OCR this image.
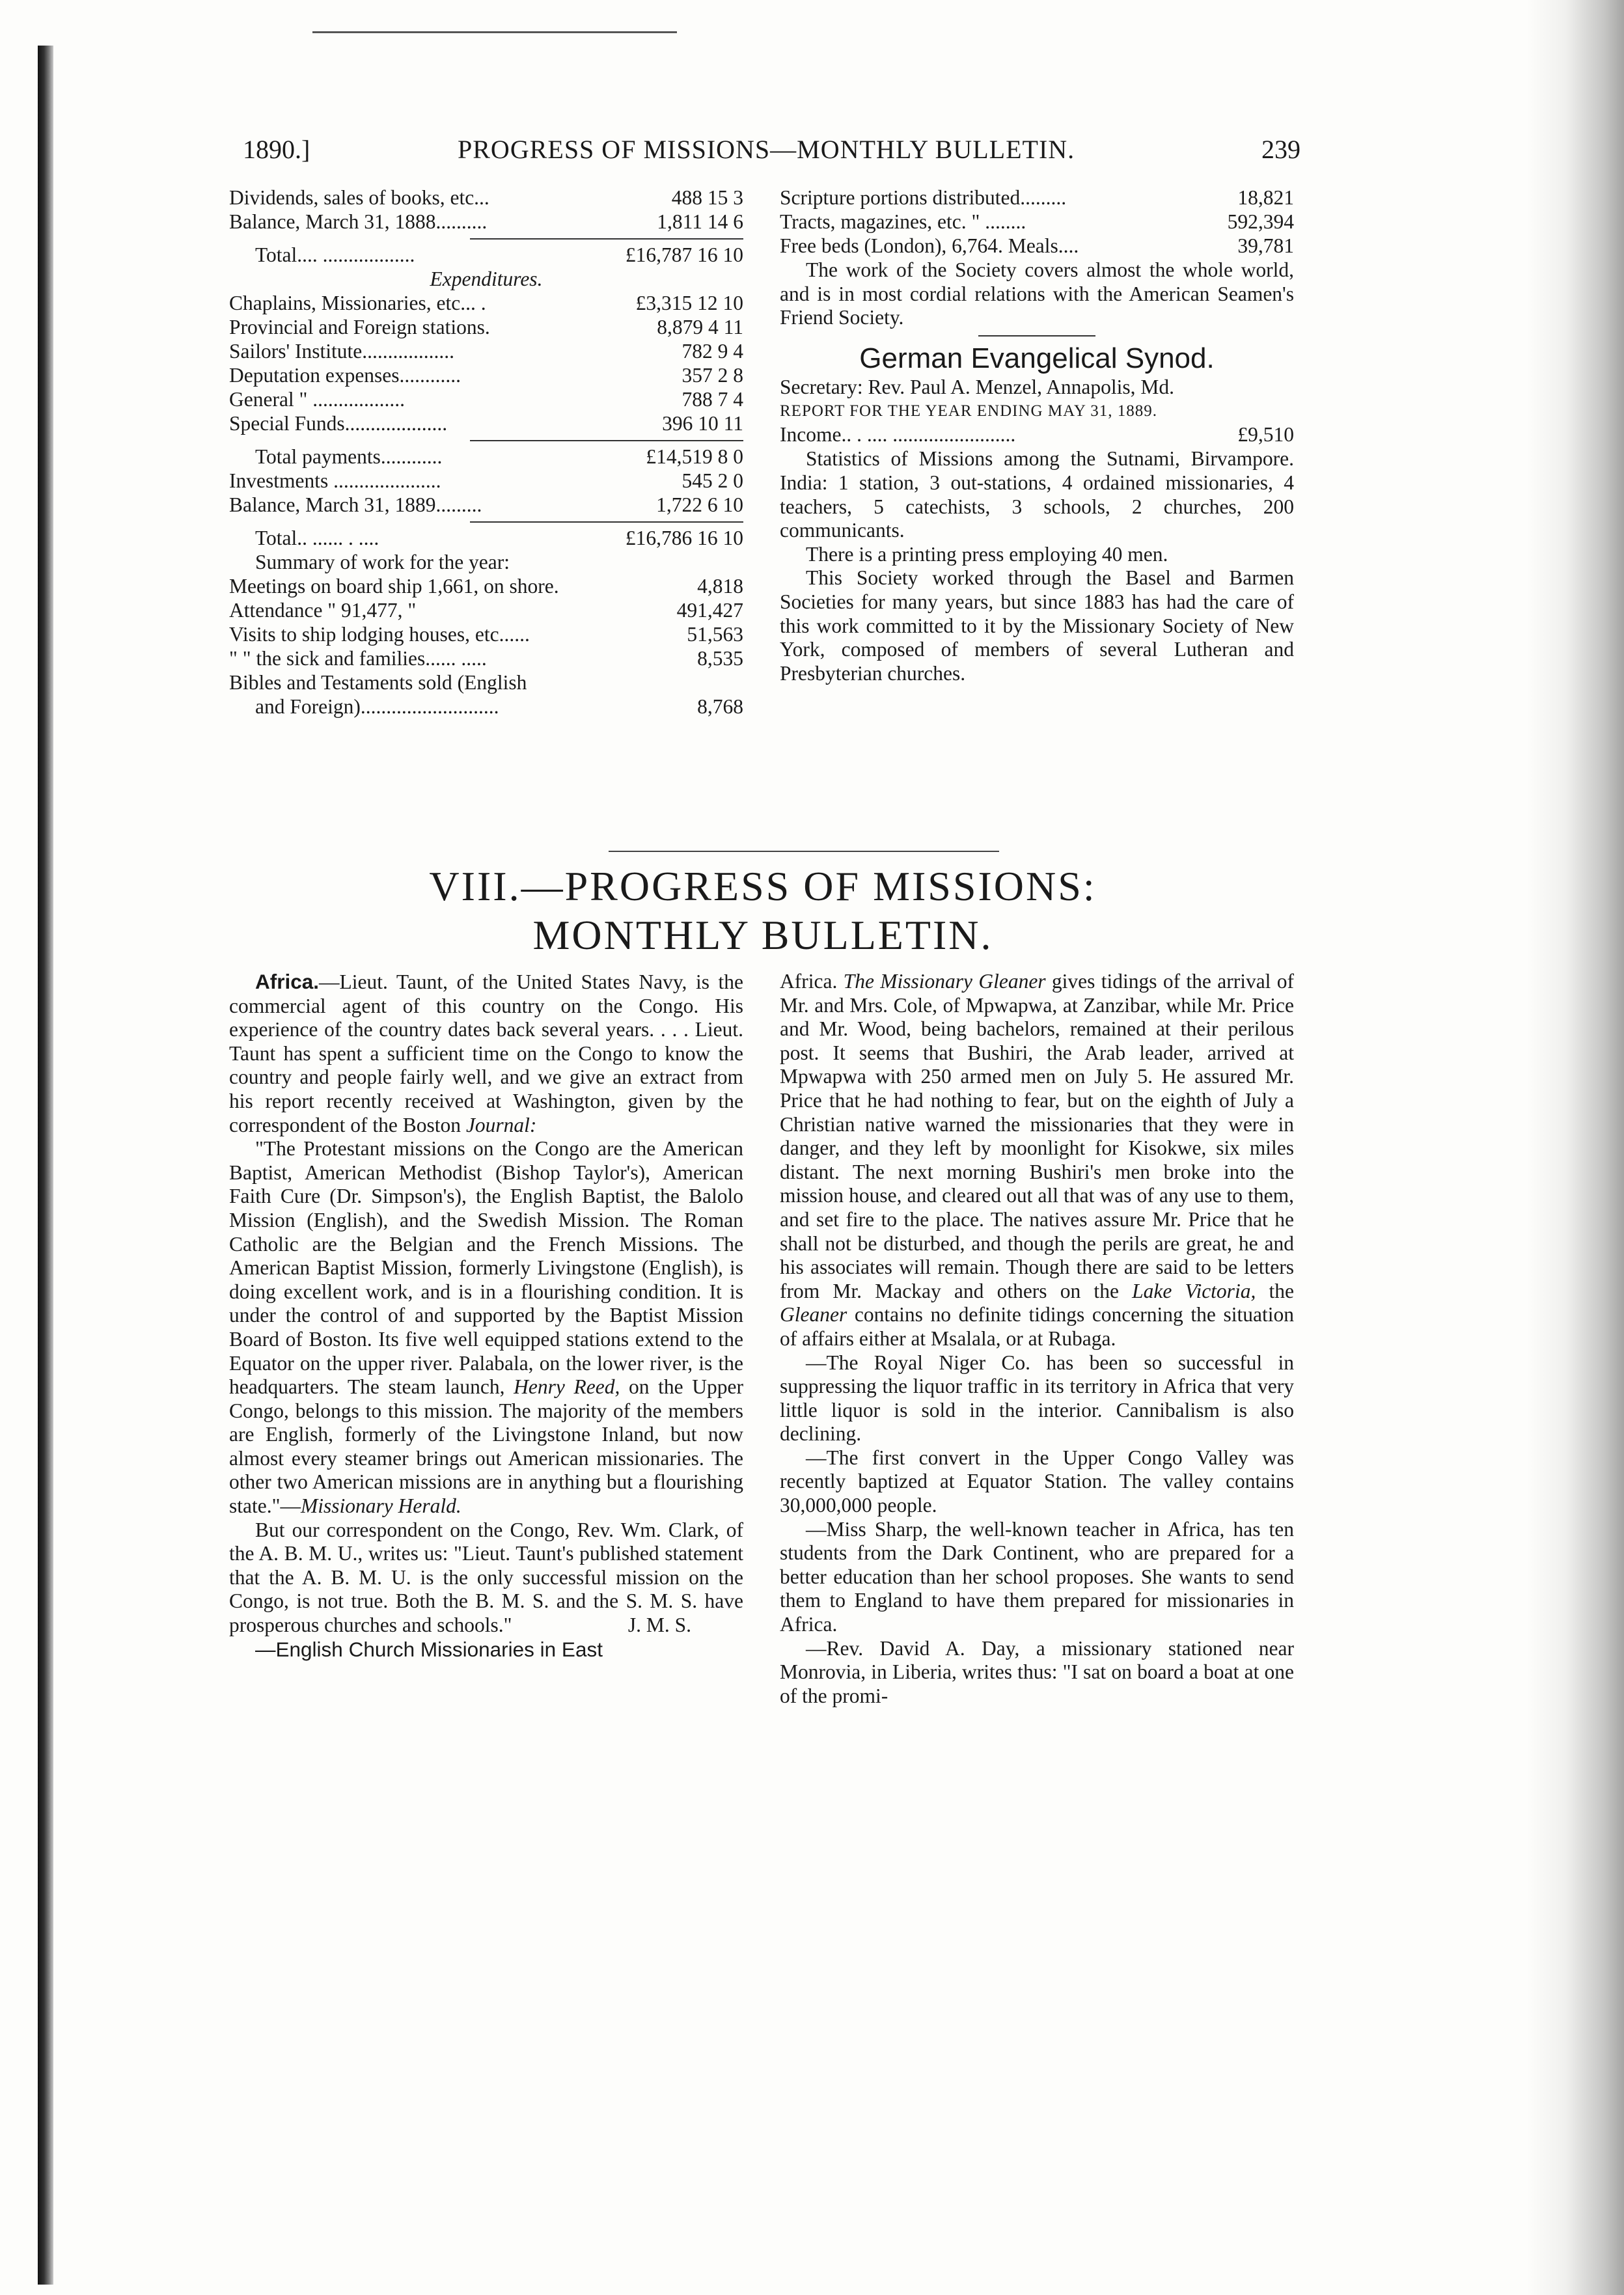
1890.]	PROGRESS OF MISSIONS—MONTHLY BULLETIN.	239
Dividends, sales of books, etc...	488 15 3
Balance, March 31, 1888..........	1,811 14 6
Total.... ..................	£16,787 16 10
Expenditures.
Chaplains, Missionaries, etc... .	£3,315 12 10
Provincial and Foreign stations.	8,879 4 11
Sailors' Institute..................	782 9 4
Deputation expenses............	357 2 8
General " ..................	788 7 4
Special Funds....................	396 10 11
Total payments............	£14,519 8 0
Investments .....................	545 2 0
Balance, March 31, 1889.........	1,722 6 10
Total.. ...... . ....	£16,786 16 10
Summary of work for the year:
Meetings on board ship 1,661, on shore.	4,818
Attendance " 91,477, "	491,427
Visits to ship lodging houses, etc......	51,563
" " the sick and families...... .....	8,535
Bibles and Testaments sold (English
and Foreign)...........................	8,768
Scripture portions distributed.........	18,821
Tracts, magazines, etc. " ........	592,394
Free beds (London), 6,764. Meals....	39,781

The work of the Society covers almost the whole world, and is in most cordial relations with the American Seamen's Friend Society.

German Evangelical Synod.

Secretary: Rev. Paul A. Menzel, Annapolis, Md.

REPORT FOR THE YEAR ENDING MAY 31, 1889.
Income.. . .... ........................	£9,510

Statistics of Missions among the Sutnami, Birvampore. India: 1 station, 3 out-stations, 4 ordained missionaries, 4 teachers, 5 catechists, 3 schools, 2 churches, 200 communicants.

There is a printing press employing 40 men.

This Society worked through the Basel and Barmen Societies for many years, but since 1883 has had the care of this work committed to it by the Missionary Society of New York, composed of members of several Lutheran and Presbyterian churches.

VIII.—PROGRESS OF MISSIONS:
MONTHLY BULLETIN.

Africa.—Lieut. Taunt, of the United States Navy, is the commercial agent of this country on the Congo. His experience of the country dates back several years. . . . Lieut. Taunt has spent a sufficient time on the Congo to know the country and people fairly well, and we give an extract from his report recently received at Washington, given by the correspondent of the Boston Journal:

"The Protestant missions on the Congo are the American Baptist, American Methodist (Bishop Taylor's), American Faith Cure (Dr. Simpson's), the English Baptist, the Balolo Mission (English), and the Swedish Mission. The Roman Catholic are the Belgian and the French Missions. The American Baptist Mission, formerly Livingstone (English), is doing excellent work, and is in a flourishing condition. It is under the control of and supported by the Baptist Mission Board of Boston. Its five well equipped stations extend to the Equator on the upper river. Palabala, on the lower river, is the headquarters. The steam launch, Henry Reed, on the Upper Congo, belongs to this mission. The majority of the members are English, formerly of the Livingstone Inland, but now almost every steamer brings out American missionaries. The other two American missions are in anything but a flourishing state."—Missionary Herald.

But our correspondent on the Congo, Rev. Wm. Clark, of the A. B. M. U., writes us: "Lieut. Taunt's published statement that the A. B. M. U. is the only successful mission on the Congo, is not true. Both the B. M. S. and the S. M. S. have prosperous churches and schools."	J. M. S.

—English Church Missionaries in East

Africa. The Missionary Gleaner gives tidings of the arrival of Mr. and Mrs. Cole, of Mpwapwa, at Zanzibar, while Mr. Price and Mr. Wood, being bachelors, remained at their perilous post. It seems that Bushiri, the Arab leader, arrived at Mpwapwa with 250 armed men on July 5. He assured Mr. Price that he had nothing to fear, but on the eighth of July a Christian native warned the missionaries that they were in danger, and they left by moonlight for Kisokwe, six miles distant. The next morning Bushiri's men broke into the mission house, and cleared out all that was of any use to them, and set fire to the place. The natives assure Mr. Price that he shall not be disturbed, and though the perils are great, he and his associates will remain. Though there are said to be letters from Mr. Mackay and others on the Lake Victoria, the Gleaner contains no definite tidings concerning the situation of affairs either at Msalala, or at Rubaga.

—The Royal Niger Co. has been so successful in suppressing the liquor traffic in its territory in Africa that very little liquor is sold in the interior. Cannibalism is also declining.

—The first convert in the Upper Congo Valley was recently baptized at Equator Station. The valley contains 30,000,000 people.

—Miss Sharp, the well-known teacher in Africa, has ten students from the Dark Continent, who are prepared for a better education than her school proposes. She wants to send them to England to have them prepared for missionaries in Africa.

—Rev. David A. Day, a missionary stationed near Monrovia, in Liberia, writes thus: "I sat on board a boat at one of the promi-
